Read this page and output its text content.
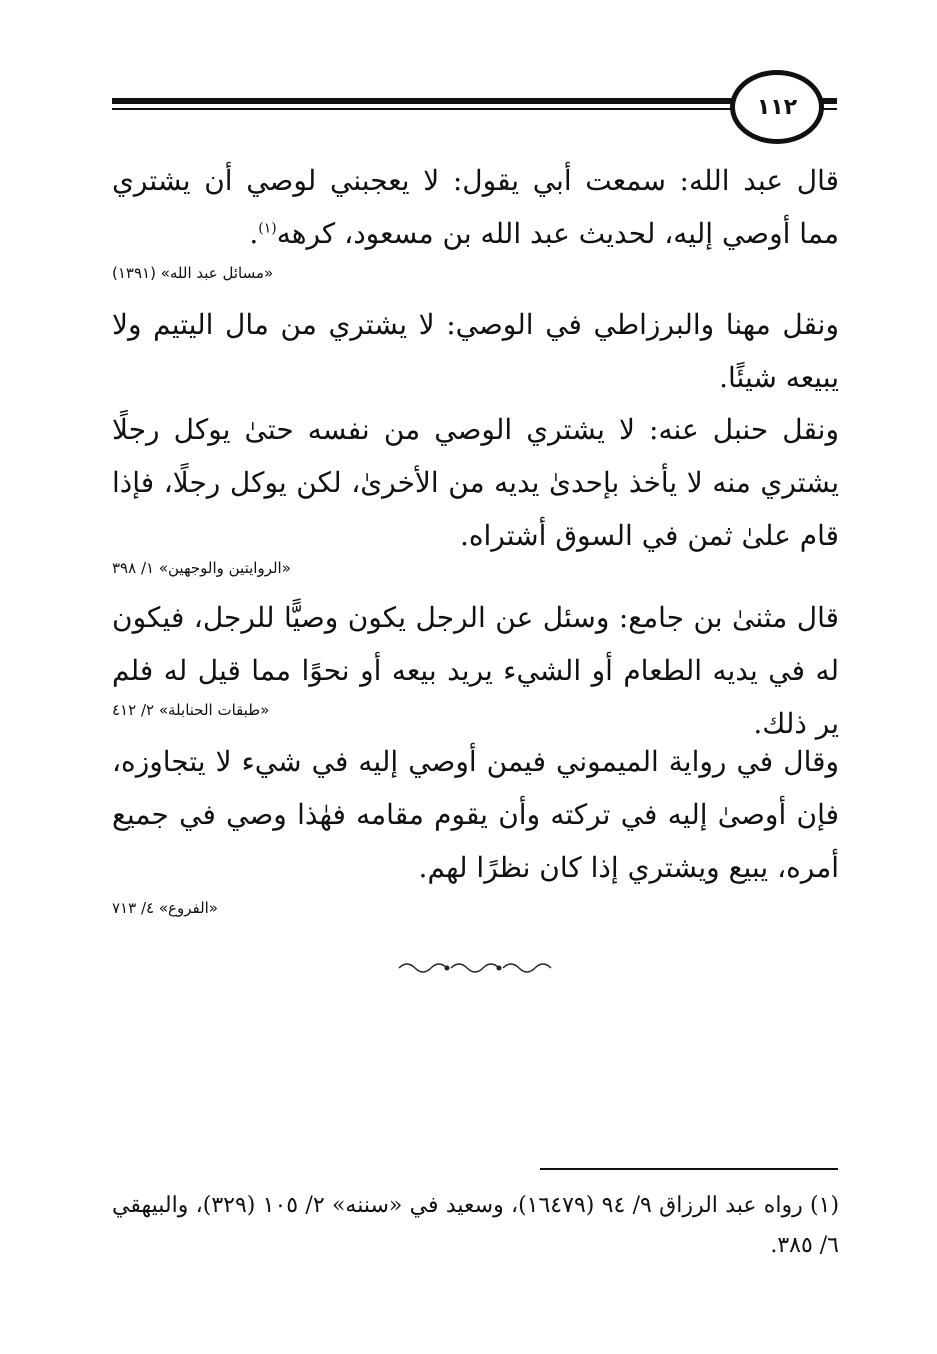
١١٢
قال عبد الله: سمعت أبي يقول: لا يعجبني لوصي أن يشتري مما أوصي إليه، لحديث عبد الله بن مسعود، كرهه$^{(١)}$.
«مسائل عبد الله» (١٣٩١)
ونقل مهنا والبرزاطي في الوصي: لا يشتري من مال اليتيم ولا يبيعه شيئًا.
ونقل حنبل عنه: لا يشتري الوصي من نفسه حتىٰ يوكل رجلًا يشتري منه لا يأخذ بإحدىٰ يديه من الأخرىٰ، لكن يوكل رجلًا، فإذا قام علىٰ ثمن في السوق أشتراه.
«الروايتين والوجهين» ١/ ٣٩٨
قال مثنىٰ بن جامع: وسئل عن الرجل يكون وصيًّا للرجل، فيكون له في يديه الطعام أو الشيء يريد بيعه أو نحوًا مما قيل له فلم ير ذلك.
«طبقات الحنابلة» ٢/ ٤١٢
وقال في رواية الميموني فيمن أوصي إليه في شيء لا يتجاوزه، فإن أوصىٰ إليه في تركته وأن يقوم مقامه فهٰذا وصي في جميع أمره، يبيع ويشتري إذا كان نظرًا لهم.
«الفروع» ٤/ ٧١٣
(١) رواه عبد الرزاق ٩/ ٩٤ (١٦٤٧٩)، وسعيد في «سننه» ٢/ ١٠٥ (٣٢٩)، والبيهقي ٦/ ٣٨٥.
